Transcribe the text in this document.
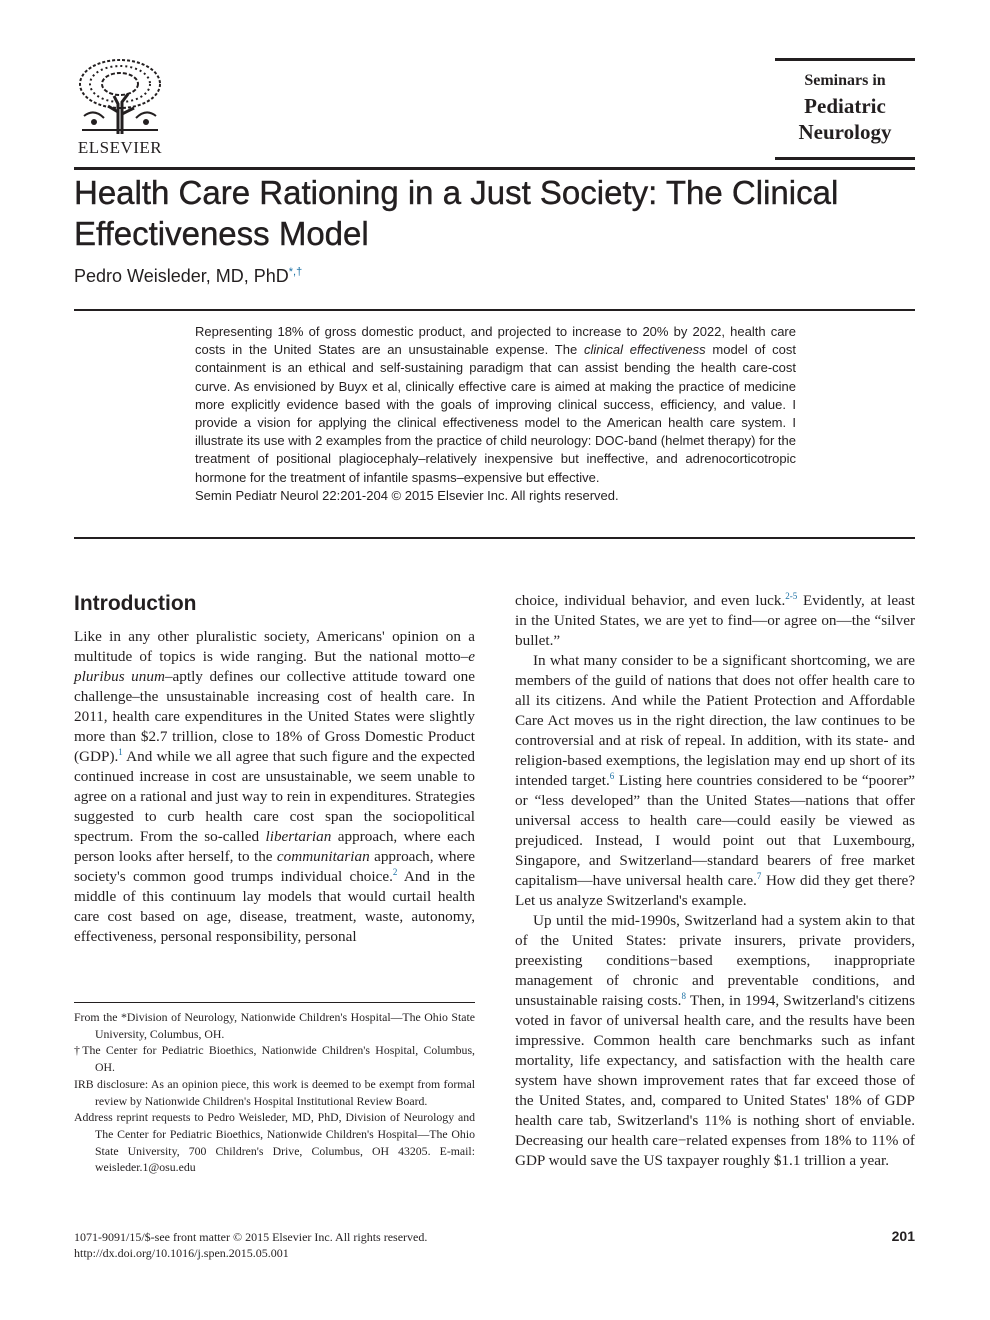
ELSEVIER
Seminars in
Pediatric
Neurology
Health Care Rationing in a Just Society: The Clinical Effectiveness Model
Pedro Weisleder, MD, PhD*,†

Representing 18% of gross domestic product, and projected to increase to 20% by 2022, health care costs in the United States are an unsustainable expense. The clinical effectiveness model of cost containment is an ethical and self-sustaining paradigm that can assist bending the health care-cost curve. As envisioned by Buyx et al, clinically effective care is aimed at making the practice of medicine more explicitly evidence based with the goals of improving clinical success, efficiency, and value. I provide a vision for applying the clinical effectiveness model to the American health care system. I illustrate its use with 2 examples from the practice of child neurology: DOC-band (helmet therapy) for the treatment of positional plagiocephaly–relatively inexpensive but ineffective, and adrenocorticotropic hormone for the treatment of infantile spasms–expensive but effective.
Semin Pediatr Neurol 22:201-204 © 2015 Elsevier Inc. All rights reserved.

Introduction

Like in any other pluralistic society, Americans' opinion on a multitude of topics is wide ranging. But the national motto–e pluribus unum–aptly defines our collective attitude toward one challenge–the unsustainable increasing cost of health care. In 2011, health care expenditures in the United States were slightly more than $2.7 trillion, close to 18% of Gross Domestic Product (GDP).$^1$ And while we all agree that such figure and the expected continued increase in cost are unsustainable, we seem unable to agree on a rational and just way to rein in expenditures. Strategies suggested to curb health care cost span the sociopolitical spectrum. From the so-called libertarian approach, where each person looks after herself, to the communitarian approach, where society's common good trumps individual choice.$^2$ And in the middle of this continuum lay models that would curtail health care cost based on age, disease, treatment, waste, autonomy, effectiveness, personal responsibility, personal

From the *Division of Neurology, Nationwide Children's Hospital—The Ohio State University, Columbus, OH.

†The Center for Pediatric Bioethics, Nationwide Children's Hospital, Columbus, OH.

IRB disclosure: As an opinion piece, this work is deemed to be exempt from formal review by Nationwide Children's Hospital Institutional Review Board.

Address reprint requests to Pedro Weisleder, MD, PhD, Division of Neurology and The Center for Pediatric Bioethics, Nationwide Children's Hospital—The Ohio State University, 700 Children's Drive, Columbus, OH 43205. E-mail: weisleder.1@osu.edu

choice, individual behavior, and even luck.$^{2-5}$ Evidently, at least in the United States, we are yet to find—or agree on—the “silver bullet.”

In what many consider to be a significant shortcoming, we are members of the guild of nations that does not offer health care to all its citizens. And while the Patient Protection and Affordable Care Act moves us in the right direction, the law continues to be controversial and at risk of repeal. In addition, with its state- and religion-based exemptions, the legislation may end up short of its intended target.$^6$ Listing here countries considered to be “poorer” or “less developed” than the United States—nations that offer universal access to health care—could easily be viewed as prejudiced. Instead, I would point out that Luxembourg, Singapore, and Switzerland—standard bearers of free market capitalism—have universal health care.$^7$ How did they get there? Let us analyze Switzerland's example.

Up until the mid-1990s, Switzerland had a system akin to that of the United States: private insurers, private providers, preexisting conditions−based exemptions, inappropriate management of chronic and preventable conditions, and unsustainable raising costs.$^8$ Then, in 1994, Switzerland's citizens voted in favor of universal health care, and the results have been impressive. Common health care benchmarks such as infant mortality, life expectancy, and satisfaction with the health care system have shown improvement rates that far exceed those of the United States, and, compared to United States' 18% of GDP health care tab, Switzerland's 11% is nothing short of enviable. Decreasing our health care−related expenses from 18% to 11% of GDP would save the US taxpayer roughly $1.1 trillion a year.

1071-9091/15/$-see front matter © 2015 Elsevier Inc. All rights reserved.
http://dx.doi.org/10.1016/j.spen.2015.05.001
201
